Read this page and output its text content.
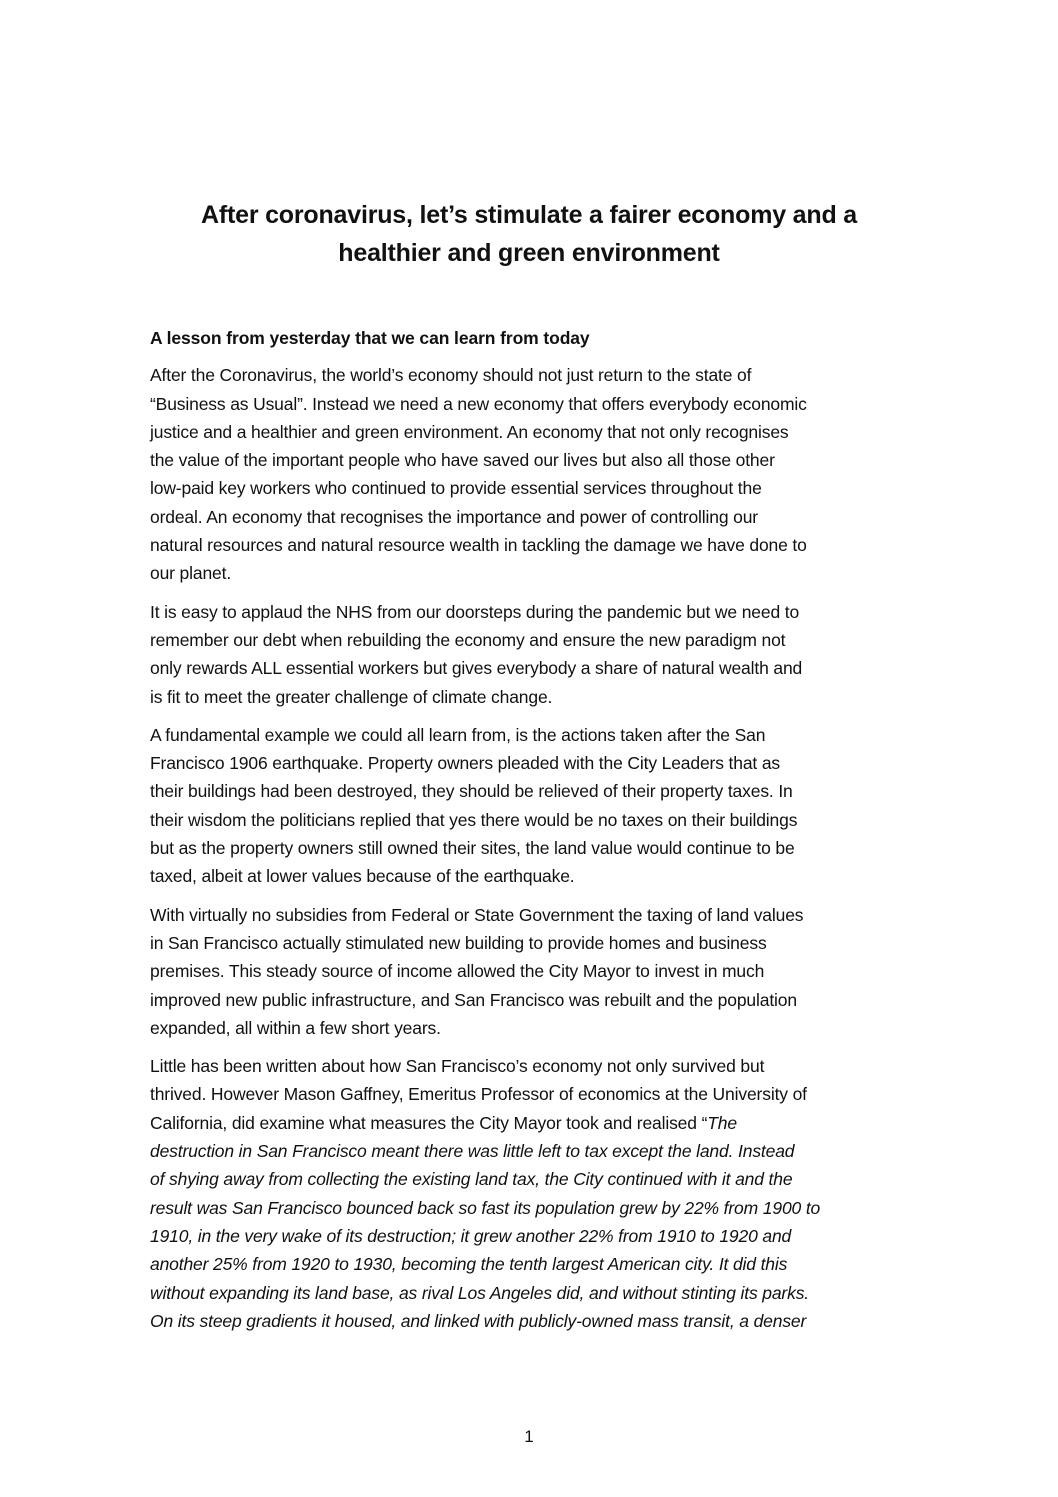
After coronavirus, let’s stimulate a fairer economy and a
healthier and green environment

A lesson from yesterday that we can learn from today

After the Coronavirus, the world’s economy should not just return to the state of
“Business as Usual”. Instead we need a new economy that offers everybody economic
justice and a healthier and green environment. An economy that not only recognises
the value of the important people who have saved our lives but also all those other
low-paid key workers who continued to provide essential services throughout the
ordeal. An economy that recognises the importance and power of controlling our
natural resources and natural resource wealth in tackling the damage we have done to
our planet.

It is easy to applaud the NHS from our doorsteps during the pandemic but we need to
remember our debt when rebuilding the economy and ensure the new paradigm not
only rewards ALL essential workers but gives everybody a share of natural wealth and
is fit to meet the greater challenge of climate change.

A fundamental example we could all learn from, is the actions taken after the San
Francisco 1906 earthquake. Property owners pleaded with the City Leaders that as
their buildings had been destroyed, they should be relieved of their property taxes. In
their wisdom the politicians replied that yes there would be no taxes on their buildings
but as the property owners still owned their sites, the land value would continue to be
taxed, albeit at lower values because of the earthquake.

With virtually no subsidies from Federal or State Government the taxing of land values
in San Francisco actually stimulated new building to provide homes and business
premises. This steady source of income allowed the City Mayor to invest in much
improved new public infrastructure, and San Francisco was rebuilt and the population
expanded, all within a few short years.

Little has been written about how San Francisco’s economy not only survived but
thrived. However Mason Gaffney, Emeritus Professor of economics at the University of
California, did examine what measures the City Mayor took and realised “The
destruction in San Francisco meant there was little left to tax except the land. Instead
of shying away from collecting the existing land tax, the City continued with it and the
result was San Francisco bounced back so fast its population grew by 22% from 1900 to
1910, in the very wake of its destruction; it grew another 22% from 1910 to 1920 and
another 25% from 1920 to 1930, becoming the tenth largest American city. It did this
without expanding its land base, as rival Los Angeles did, and without stinting its parks.
On its steep gradients it housed, and linked with publicly-owned mass transit, a denser

1
